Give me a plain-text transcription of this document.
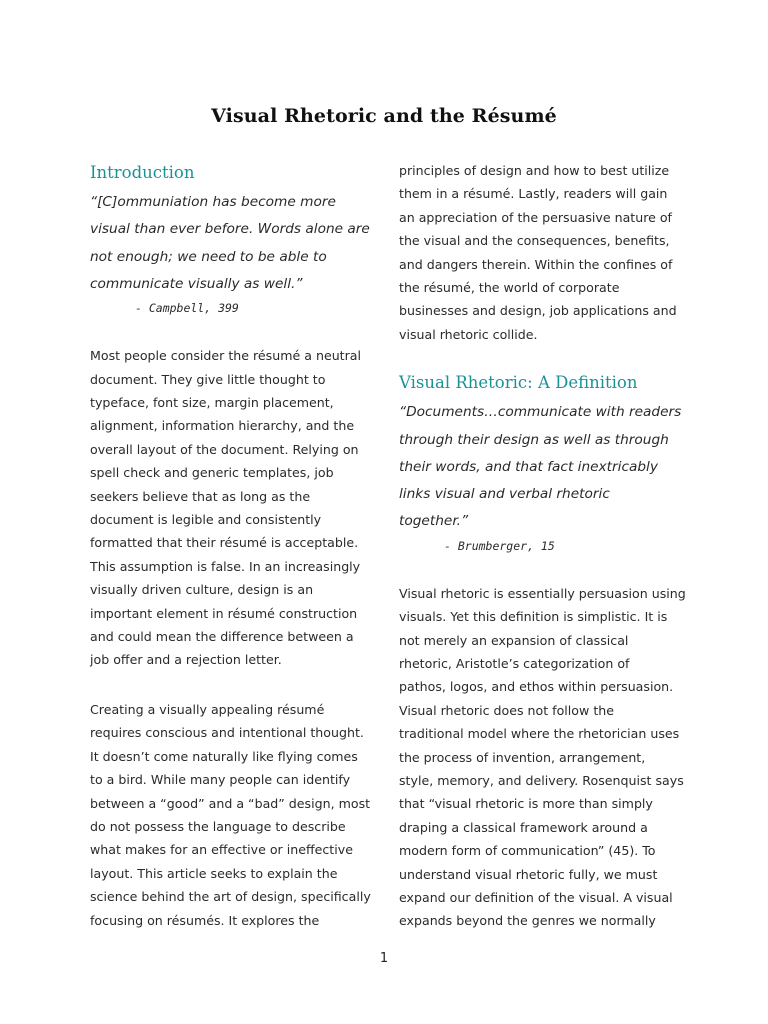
Visual Rhetoric and the Résumé
Introduction
“[C]ommuniation has become more
visual than ever before. Words alone are
not enough; we need to be able to
communicate visually as well.”
- Campbell, 399

Most people consider the résumé a neutral
document. They give little thought to
typeface, font size, margin placement,
alignment, information hierarchy, and the
overall layout of the document. Relying on
spell check and generic templates, job
seekers believe that as long as the
document is legible and consistently
formatted that their résumé is acceptable.
This assumption is false. In an increasingly
visually driven culture, design is an
important element in résumé construction
and could mean the difference between a
job offer and a rejection letter.

Creating a visually appealing résumé
requires conscious and intentional thought.
It doesn’t come naturally like flying comes
to a bird. While many people can identify
between a “good” and a “bad” design, most
do not possess the language to describe
what makes for an effective or ineffective
layout. This article seeks to explain the
science behind the art of design, specifically
focusing on résumés. It explores the

principles of design and how to best utilize
them in a résumé. Lastly, readers will gain
an appreciation of the persuasive nature of
the visual and the consequences, benefits,
and dangers therein. Within the confines of
the résumé, the world of corporate
businesses and design, job applications and
visual rhetoric collide.

Visual Rhetoric: A Definition
“Documents…communicate with readers
through their design as well as through
their words, and that fact inextricably
links visual and verbal rhetoric
together.”
- Brumberger, 15

Visual rhetoric is essentially persuasion using
visuals. Yet this definition is simplistic. It is
not merely an expansion of classical
rhetoric, Aristotle’s categorization of
pathos, logos, and ethos within persuasion.
Visual rhetoric does not follow the
traditional model where the rhetorician uses
the process of invention, arrangement,
style, memory, and delivery. Rosenquist says
that “visual rhetoric is more than simply
draping a classical framework around a
modern form of communication” (45). To
understand visual rhetoric fully, we must
expand our definition of the visual. A visual
expands beyond the genres we normally

1
